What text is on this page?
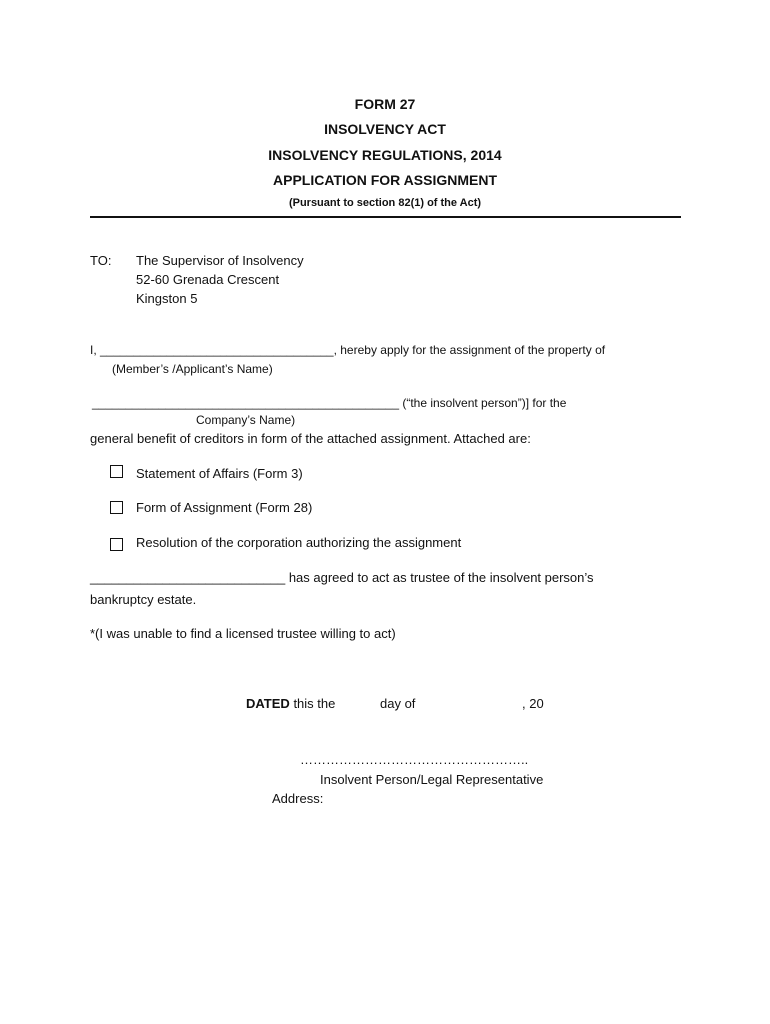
FORM 27
INSOLVENCY ACT
INSOLVENCY REGULATIONS, 2014
APPLICATION FOR ASSIGNMENT
(Pursuant to section 82(1) of the Act)
TO: The Supervisor of Insolvency
52-60 Grenada Crescent
Kingston 5
I, ___________________________________, hereby apply for the assignment of the property of
(Member’s /Applicant’s Name)
______________________________________________ (“the insolvent person”)] for the
Company’s Name)
general benefit of creditors in form of the attached assignment. Attached are:
Statement of Affairs (Form 3)
Form of Assignment (Form 28)
Resolution of the corporation authorizing the assignment
___________________________ has agreed to act as trustee of the insolvent person’s
bankruptcy estate.
*(I was unable to find a licensed trustee willing to act)
DATED this the	day of	, 20
……………………………………………..
Insolvent Person/Legal Representative
Address:
